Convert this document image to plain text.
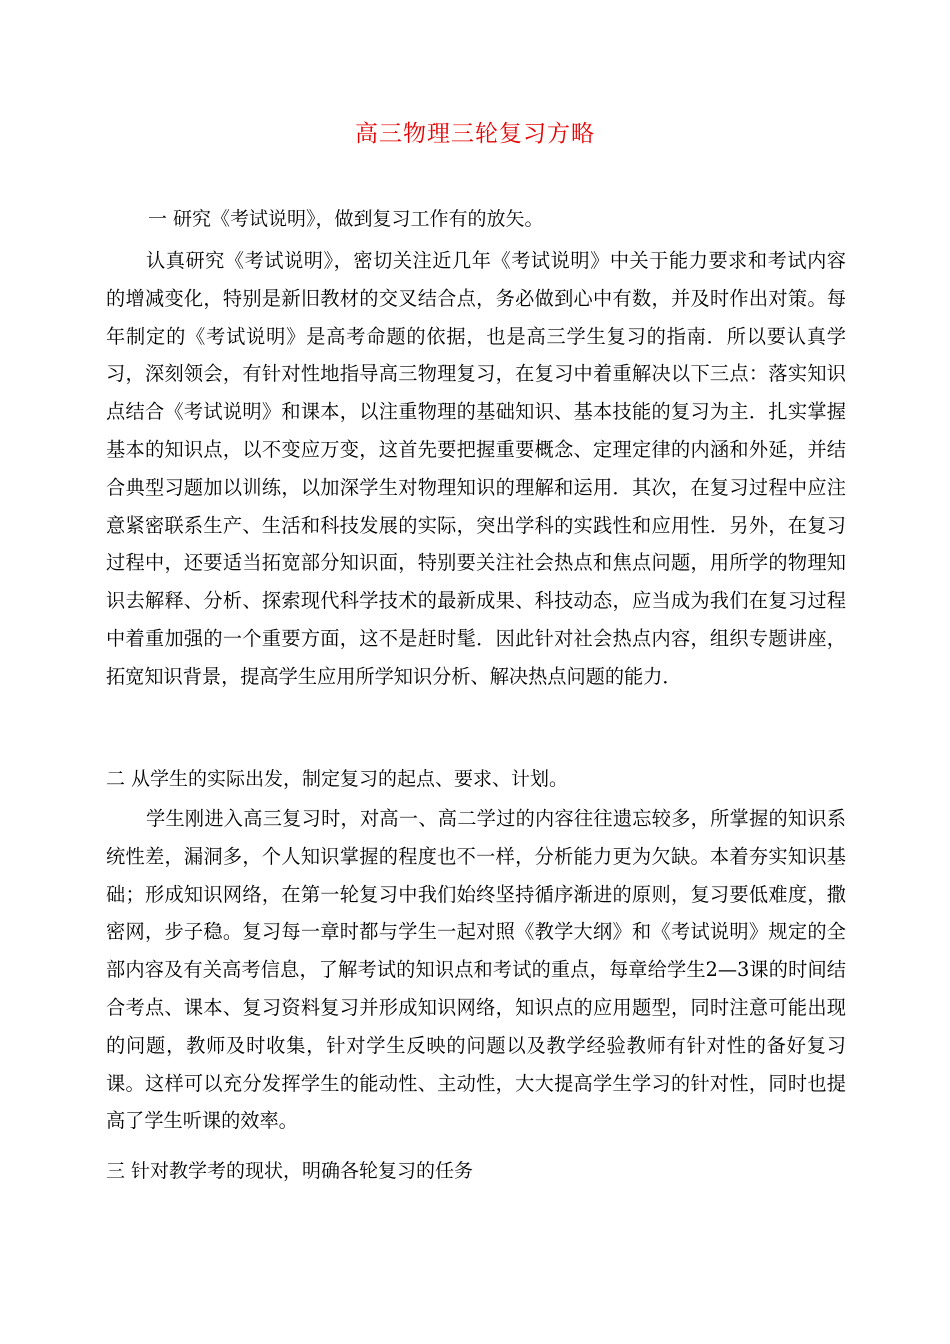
高三物理三轮复习方略
一 研究《考试说明》，做到复习工作有的放矢。
认真研究《考试说明》，密切关注近几年《考试说明》中关于能力要求和考试内容的增减变化，特别是新旧教材的交叉结合点，务必做到心中有数，并及时作出对策。每年制定的《考试说明》是高考命题的依据，也是高三学生复习的指南．所以要认真学习，深刻领会，有针对性地指导高三物理复习，在复习中着重解决以下三点：落实知识点结合《考试说明》和课本，以注重物理的基础知识、基本技能的复习为主．扎实掌握基本的知识点，以不变应万变，这首先要把握重要概念、定理定律的内涵和外延，并结合典型习题加以训练，以加深学生对物理知识的理解和运用．其次，在复习过程中应注意紧密联系生产、生活和科技发展的实际，突出学科的实践性和应用性．另外，在复习过程中，还要适当拓宽部分知识面，特别要关注社会热点和焦点问题，用所学的物理知识去解释、分析、探索现代科学技术的最新成果、科技动态，应当成为我们在复习过程中着重加强的一个重要方面，这不是赶时髦．因此针对社会热点内容，组织专题讲座，拓宽知识背景，提高学生应用所学知识分析、解决热点问题的能力．
二 从学生的实际出发，制定复习的起点、要求、计划。
学生刚进入高三复习时，对高一、高二学过的内容往往遗忘较多，所掌握的知识系统性差，漏洞多，个人知识掌握的程度也不一样，分析能力更为欠缺。本着夯实知识基础；形成知识网络，在第一轮复习中我们始终坚持循序渐进的原则，复习要低难度，撒密网，步子稳。复习每一章时都与学生一起对照《教学大纲》和《考试说明》规定的全部内容及有关高考信息，了解考试的知识点和考试的重点，每章给学生2—3课的时间结合考点、课本、复习资料复习并形成知识网络，知识点的应用题型，同时注意可能出现的问题，教师及时收集，针对学生反映的问题以及教学经验教师有针对性的备好复习课。这样可以充分发挥学生的能动性、主动性，大大提高学生学习的针对性，同时也提高了学生听课的效率。
三 针对教学考的现状，明确各轮复习的任务
